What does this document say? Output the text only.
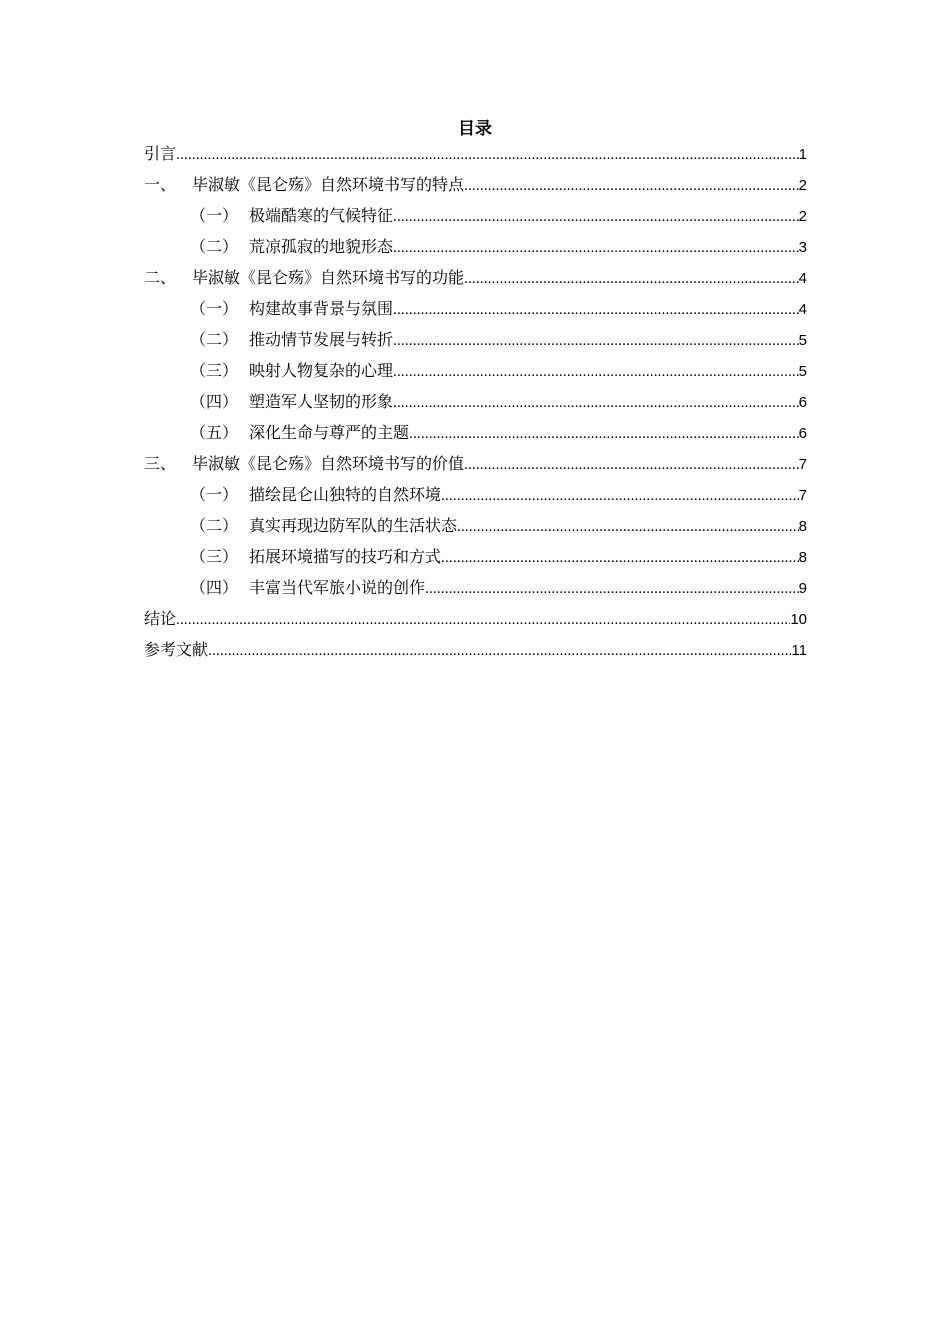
目录
引言 .....	1
一、 毕淑敏《昆仑殇》自然环境书写的特点 .....	2
（一） 极端酷寒的气候特征 .....	2
（二） 荒凉孤寂的地貌形态 .....	3
二、 毕淑敏《昆仑殇》自然环境书写的功能 .....	4
（一） 构建故事背景与氛围 .....	4
（二） 推动情节发展与转折 .....	5
（三） 映射人物复杂的心理 .....	5
（四） 塑造军人坚韧的形象 .....	6
（五） 深化生命与尊严的主题 .....	6
三、 毕淑敏《昆仑殇》自然环境书写的价值 .....	7
（一） 描绘昆仑山独特的自然环境 .....	7
（二） 真实再现边防军队的生活状态 .....	8
（三） 拓展环境描写的技巧和方式 .....	8
（四） 丰富当代军旅小说的创作 .....	9
结论 .....	10
参考文献 .....	11
